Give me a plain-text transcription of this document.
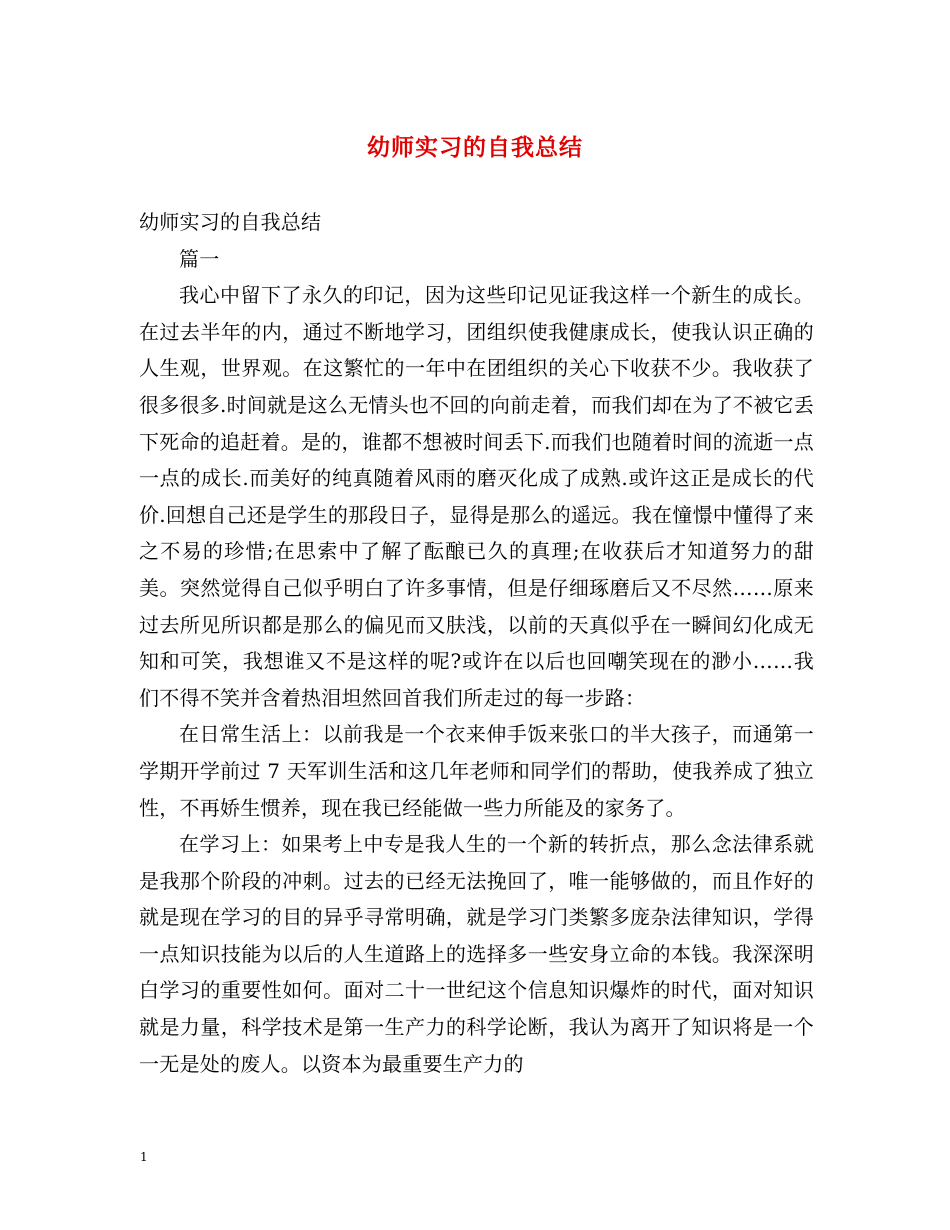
幼师实习的自我总结

幼师实习的自我总结

篇一

我心中留下了永久的印记，因为这些印记见证我这样一个新生的成长。在过去半年的内，通过不断地学习，团组织使我健康成长，使我认识正确的人生观，世界观。在这繁忙的一年中在团组织的关心下收获不少。我收获了很多很多.时间就是这么无情头也不回的向前走着，而我们却在为了不被它丢下死命的追赶着。是的，谁都不想被时间丢下.而我们也随着时间的流逝一点一点的成长.而美好的纯真随着风雨的磨灭化成了成熟.或许这正是成长的代价.回想自己还是学生的那段日子，显得是那么的遥远。我在憧憬中懂得了来之不易的珍惜;在思索中了解了酝酿已久的真理;在收获后才知道努力的甜美。突然觉得自己似乎明白了许多事情，但是仔细琢磨后又不尽然……原来过去所见所识都是那么的偏见而又肤浅，以前的天真似乎在一瞬间幻化成无知和可笑，我想谁又不是这样的呢?或许在以后也回嘲笑现在的渺小……我们不得不笑并含着热泪坦然回首我们所走过的每一步路：

在日常生活上：以前我是一个衣来伸手饭来张口的半大孩子，而通第一学期开学前过 7 天军训生活和这几年老师和同学们的帮助，使我养成了独立性，不再娇生惯养，现在我已经能做一些力所能及的家务了。

在学习上：如果考上中专是我人生的一个新的转折点，那么念法律系就是我那个阶段的冲刺。过去的已经无法挽回了，唯一能够做的，而且作好的就是现在学习的目的异乎寻常明确，就是学习门类繁多庞杂法律知识，学得一点知识技能为以后的人生道路上的选择多一些安身立命的本钱。我深深明白学习的重要性如何。面对二十一世纪这个信息知识爆炸的时代，面对知识就是力量，科学技术是第一生产力的科学论断，我认为离开了知识将是一个一无是处的废人。以资本为最重要生产力的

1
